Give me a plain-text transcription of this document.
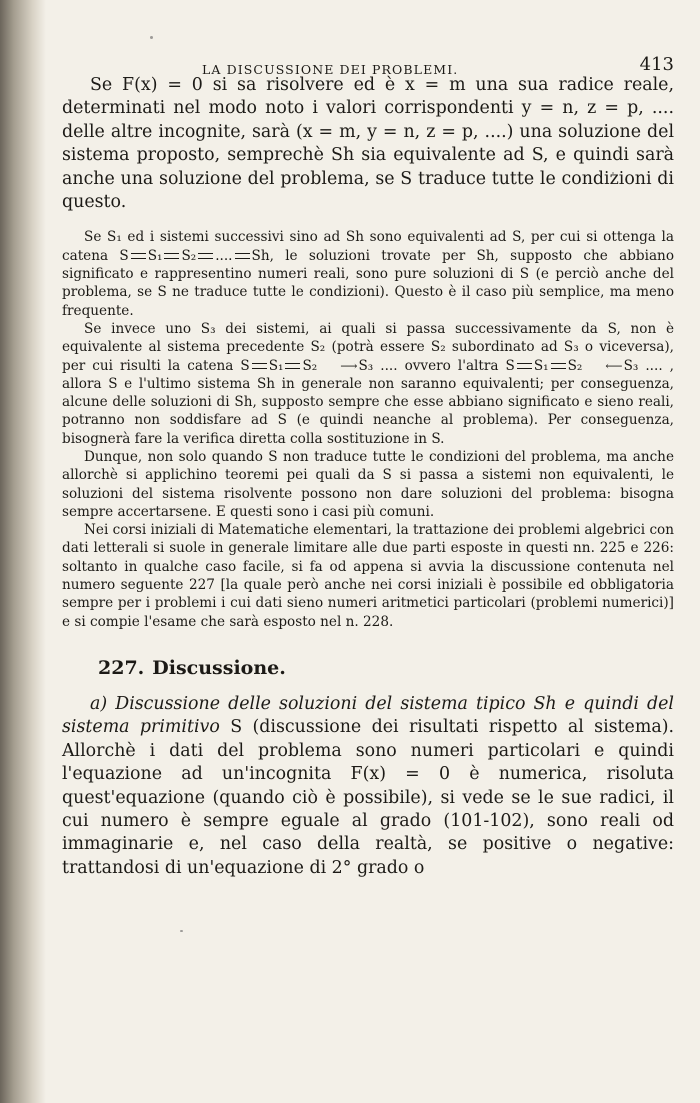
LA DISCUSSIONE DEI PROBLEMI.	413

Se F(x) = 0 si sa risolvere ed è x = m una sua radice reale, determinati nel modo noto i valori corrispondenti y = n, z = p, .... delle altre incognite, sarà (x = m, y = n, z = p, ....) una soluzione del sistema proposto, semprechè Sh sia equivalente ad S, e quindi sarà anche una soluzione del problema, se S traduce tutte le condizioni di questo.

Se S₁ ed i sistemi successivi sino ad Sh sono equivalenti ad S, per cui si ottenga la catena S S₁ S₂ .... Sh, le soluzioni trovate per Sh, supposto che abbiano significato e rappresentino numeri reali, sono pure soluzioni di S (e perciò anche del problema, se S ne traduce tutte le condizioni). Questo è il caso più semplice, ma meno frequente.

Se invece uno S₃ dei sistemi, ai quali si passa successivamente da S, non è equivalente al sistema precedente S₂ (potrà essere S₂ subordinato ad S₃ o viceversa), per cui risulti la catena S S₁ S₂ ⟶S₃ .... ovvero l'altra S S₁ S₂ ⟵S₃ .... , allora S e l'ultimo sistema Sh in generale non saranno equivalenti; per conseguenza, alcune delle soluzioni di Sh, supposto sempre che esse abbiano significato e sieno reali, potranno non soddisfare ad S (e quindi neanche al problema). Per conseguenza, bisognerà fare la verifica diretta colla sostituzione in S.

Dunque, non solo quando S non traduce tutte le condizioni del problema, ma anche allorchè si applichino teoremi pei quali da S si passa a sistemi non equivalenti, le soluzioni del sistema risolvente possono non dare soluzioni del problema: bisogna sempre accertarsene. E questi sono i casi più comuni.

Nei corsi iniziali di Matematiche elementari, la trattazione dei problemi algebrici con dati letterali si suole in generale limitare alle due parti esposte in questi nn. 225 e 226: soltanto in qualche caso facile, si fa od appena si avvia la discussione contenuta nel numero seguente 227 [la quale però anche nei corsi iniziali è possibile ed obbligatoria sempre per i problemi i cui dati sieno numeri aritmetici particolari (problemi numerici)] e si compie l'esame che sarà esposto nel n. 228.

227. Discussione.

a) Discussione delle soluzioni del sistema tipico Sh e quindi del sistema primitivo S (discussione dei risultati rispetto al sistema). Allorchè i dati del problema sono numeri particolari e quindi l'equazione ad un'incognita F(x) = 0 è numerica, risoluta quest'equazione (quando ciò è possibile), si vede se le sue radici, il cui numero è sempre eguale al grado (101-102), sono reali od immaginarie e, nel caso della realtà, se positive o negative: trattandosi di un'equazione di 2° grado o
